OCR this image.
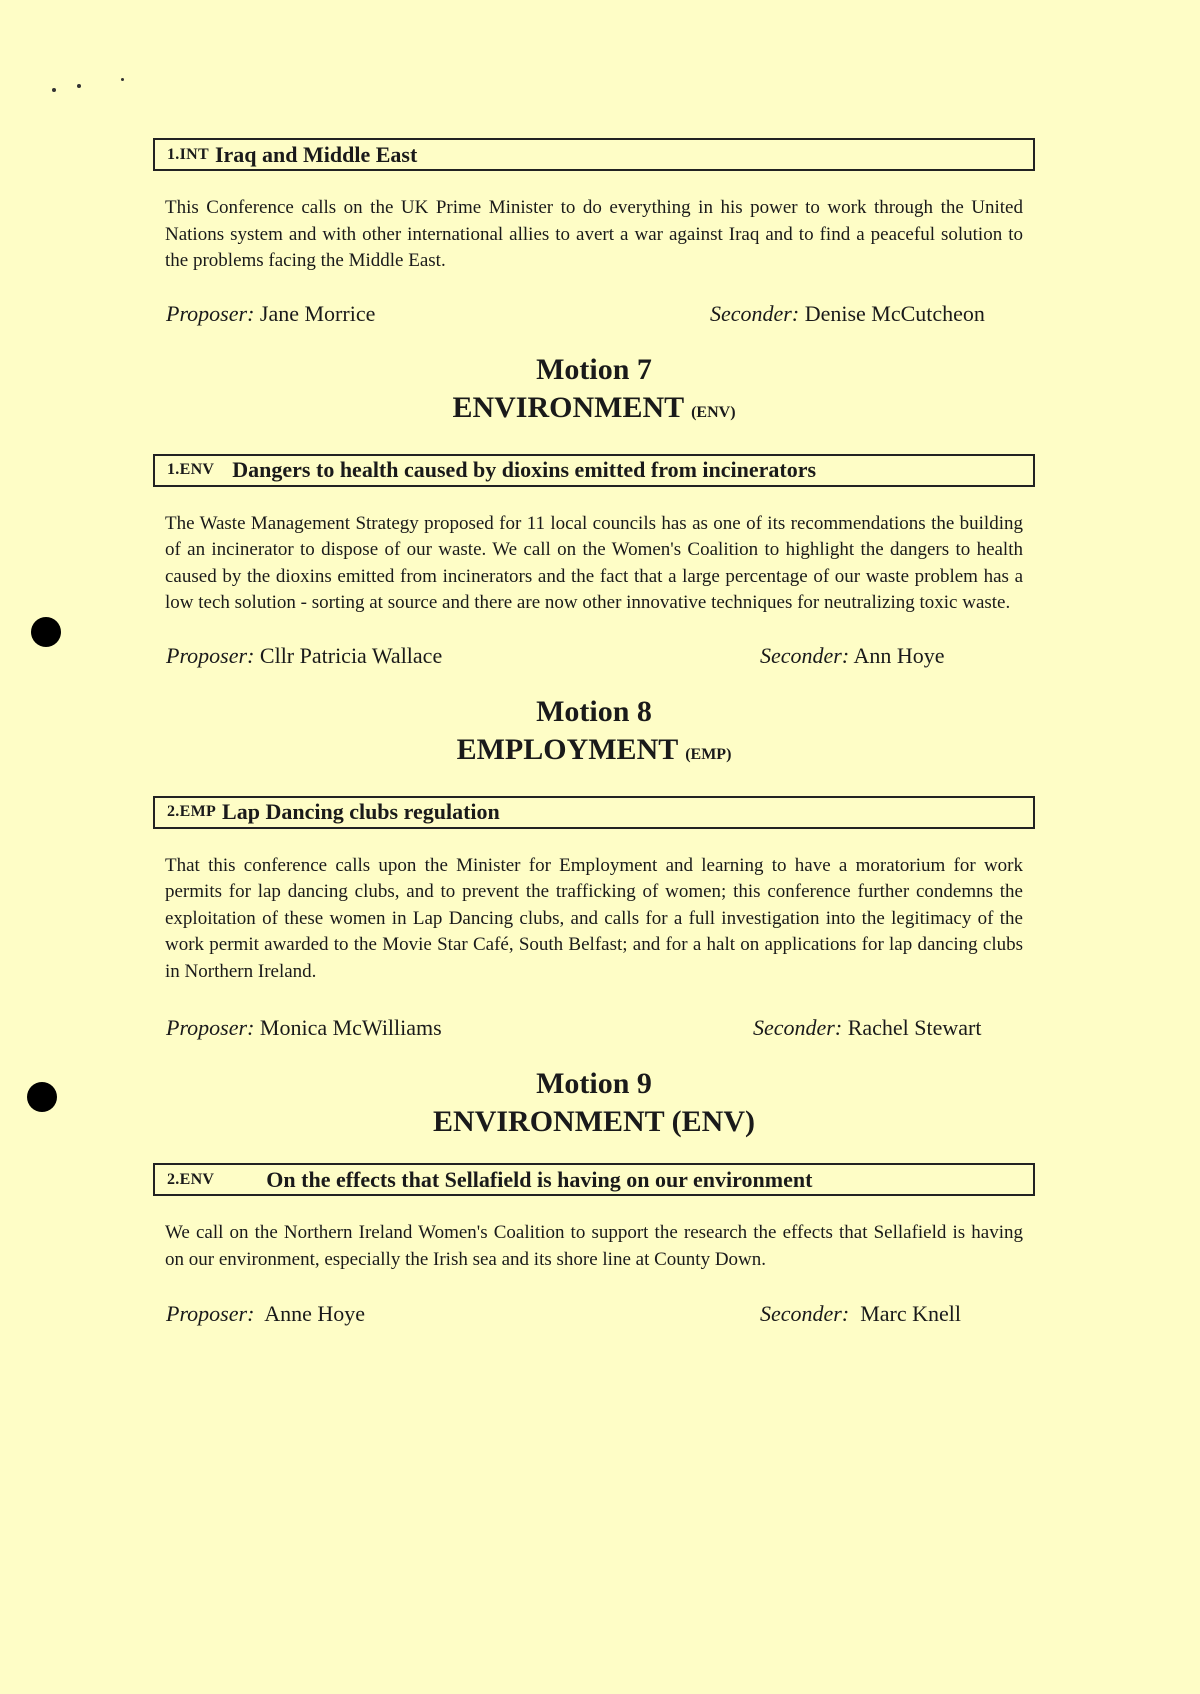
1.INT Iraq and Middle East

This Conference calls on the UK Prime Minister to do everything in his power to work through the United Nations system and with other international allies to avert a war against Iraq and to find a peaceful solution to the problems facing the Middle East.

Proposer: Jane Morrice	Seconder: Denise McCutcheon
Motion 7
ENVIRONMENT (ENV)
1.ENV Dangers to health caused by dioxins emitted from incinerators

The Waste Management Strategy proposed for 11 local councils has as one of its recommendations the building of an incinerator to dispose of our waste. We call on the Women's Coalition to highlight the dangers to health caused by the dioxins emitted from incinerators and the fact that a large percentage of our waste problem has a low tech solution - sorting at source and there are now other innovative techniques for neutralizing toxic waste.

Proposer: Cllr Patricia Wallace	Seconder: Ann Hoye
Motion 8
EMPLOYMENT (EMP)
2.EMP Lap Dancing clubs regulation

That this conference calls upon the Minister for Employment and learning to have a moratorium for work permits for lap dancing clubs, and to prevent the trafficking of women; this conference further condemns the exploitation of these women in Lap Dancing clubs, and calls for a full investigation into the legitimacy of the work permit awarded to the Movie Star Café, South Belfast; and for a halt on applications for lap dancing clubs in Northern Ireland.

Proposer: Monica McWilliams	Seconder: Rachel Stewart
Motion 9
ENVIRONMENT (ENV)
2.ENV On the effects that Sellafield is having on our environment

We call on the Northern Ireland Women's Coalition to support the research the effects that Sellafield is having on our environment, especially the Irish sea and its shore line at County Down.

Proposer: Anne Hoye	Seconder: Marc Knell
